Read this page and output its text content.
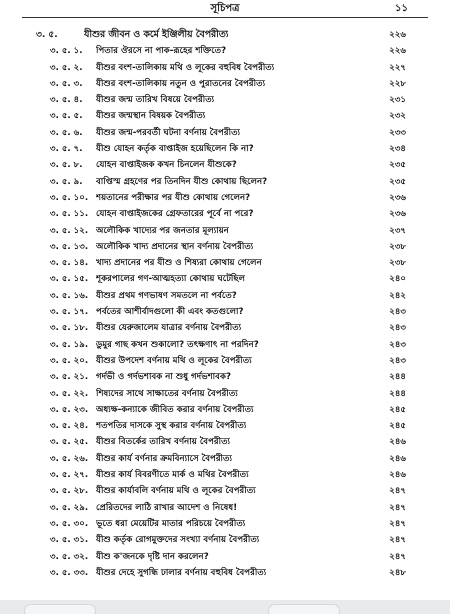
সূচিপত্র	১১
৩. ৫.	যীশুর জীবন ও কর্মে ইঞ্জিলীয় বৈপরীত্য	২২৬
৩. ৫. ১. পিতার ঔরসে না পাক-রূহের শক্তিতে?	২২৬
৩. ৫. ২. যীশুর বংশ-তালিকায় মথি ও লূকের বহুবিধ বৈপরীত্য	২২৭
৩. ৫. ৩. যীশুর বংশ-তালিকায় নতুন ও পুরাতনের বৈপরীত্য	২২৮
৩. ৫. ৪. যীশুর জন্ম তারিখ বিষয়ে বৈপরীত্য	২৩১
৩. ৫. ৫. যীশুর জন্মস্থান বিষয়ক বৈপরীত্য	২৩২
৩. ৫. ৬. যীশুর জন্ম-পরবর্তী ঘটনা বর্ণনায় বৈপরীত্য	২৩৩
৩. ৫. ৭. যীশু যোহন কর্তৃক বাপ্তাইজ হয়েছিলেন কি না?	২৩৪
৩. ৫. ৮. যোহন বাপ্তাইজক কখন চিনলেন যীশুকে?	২৩৫
৩. ৫. ৯. বাপ্তিস্ম গ্রহণের পর তিনদিন যীশু কোথায় ছিলেন?	২৩৫
৩. ৫. ১০. শয়তানের পরীক্ষার পর যীশু কোথায় গেলেন?	২৩৬
৩. ৫. ১১. যোহন বাপ্তাইজকের গ্রেফতারের পূর্বে না পরে?	২৩৬
৩. ৫. ১২. অলৌকিক খাদ্যের পর জনতার মূল্যায়ন	২৩৭
৩. ৫. ১৩. অলৌকিক খাদ্য প্রদানের স্থান বর্ণনায় বৈপরীত্য	২৩৮
৩. ৫. ১৪. খাদ্য প্রদানের পর যীশু ও শিষ্যরা কোথায় গেলেন	২৩৮
৩. ৫. ১৫. শূকরপালের গণ-আত্মহত্যা কোথায় ঘটেছিল	২৪০
৩. ৫. ১৬. যীশুর প্রথম গণভাষণ সমতলে না পর্বতে?	২৪২
৩. ৫. ১৭. পর্বতের আশীর্বাদগুলো কী এবং কতগুলো?	২৪৩
৩. ৫. ১৮. যীশুর যেরুজালেম যাত্রার বর্ণনায় বৈপরীত্য	২৪৩
৩. ৫. ১৯. ডুমুর গাছ কখন শুকালো? তৎক্ষণাৎ না পরদিন?	২৪৩
৩. ৫. ২০. যীশুর উপদেশ বর্ণনায় মথি ও লূকের বৈপরীত্য	২৪৩
৩. ৫. ২১. গর্দভী ও গর্দভশাবক না শুধু গর্দভশাবক?	২৪৪
৩. ৫. ২২. শিষ্যদের সাথে সাক্ষাতের বর্ণনায় বৈপরীত্য	২৪৪
৩. ৫. ২৩. অধ্যক্ষ-কন্যাকে জীবিত করার বর্ণনায় বৈপরীত্য	২৪৫
৩. ৫. ২৪. শতপতির দাসকে সুস্থ করার বর্ণনায় বৈপরীত্য	২৪৫
৩. ৫. ২৫. যীশুর বিতর্কের তারিখ বর্ণনায় বৈপরীত্য	২৪৬
৩. ৫. ২৬. যীশুর কার্য বর্ণনার ক্রমবিন্যাসে বৈপরীত্য	২৪৬
৩. ৫. ২৭. যীশুর কার্য বিবরণীতে মার্ক ও মথির বৈপরীত্য	২৪৬
৩. ৫. ২৮. যীশুর কার্যাবলি বর্ণনায় মথি ও লূকের বৈপরীত্য	২৪৭
৩. ৫. ২৯. প্রেরিতদের লাঠি রাখার আদেশ ও নিষেধ!	২৪৭
৩. ৫. ৩০. ভূতে ধরা মেয়েটির মাতার পরিচয়ে বৈপরীত্য	২৪৭
৩. ৫. ৩১. যীশু কর্তৃক রোগমুক্তদের সংখ্যা বর্ণনায় বৈপরীত্য	২৪৭
৩. ৫. ৩২. যীশু ক'জনকে দৃষ্টি দান করলেন?	২৪৭
৩. ৫. ৩৩. যীশুর দেহে সুগন্ধি ঢালার বর্ণনায় বহুবিধ বৈপরীত্য	২৪৮
